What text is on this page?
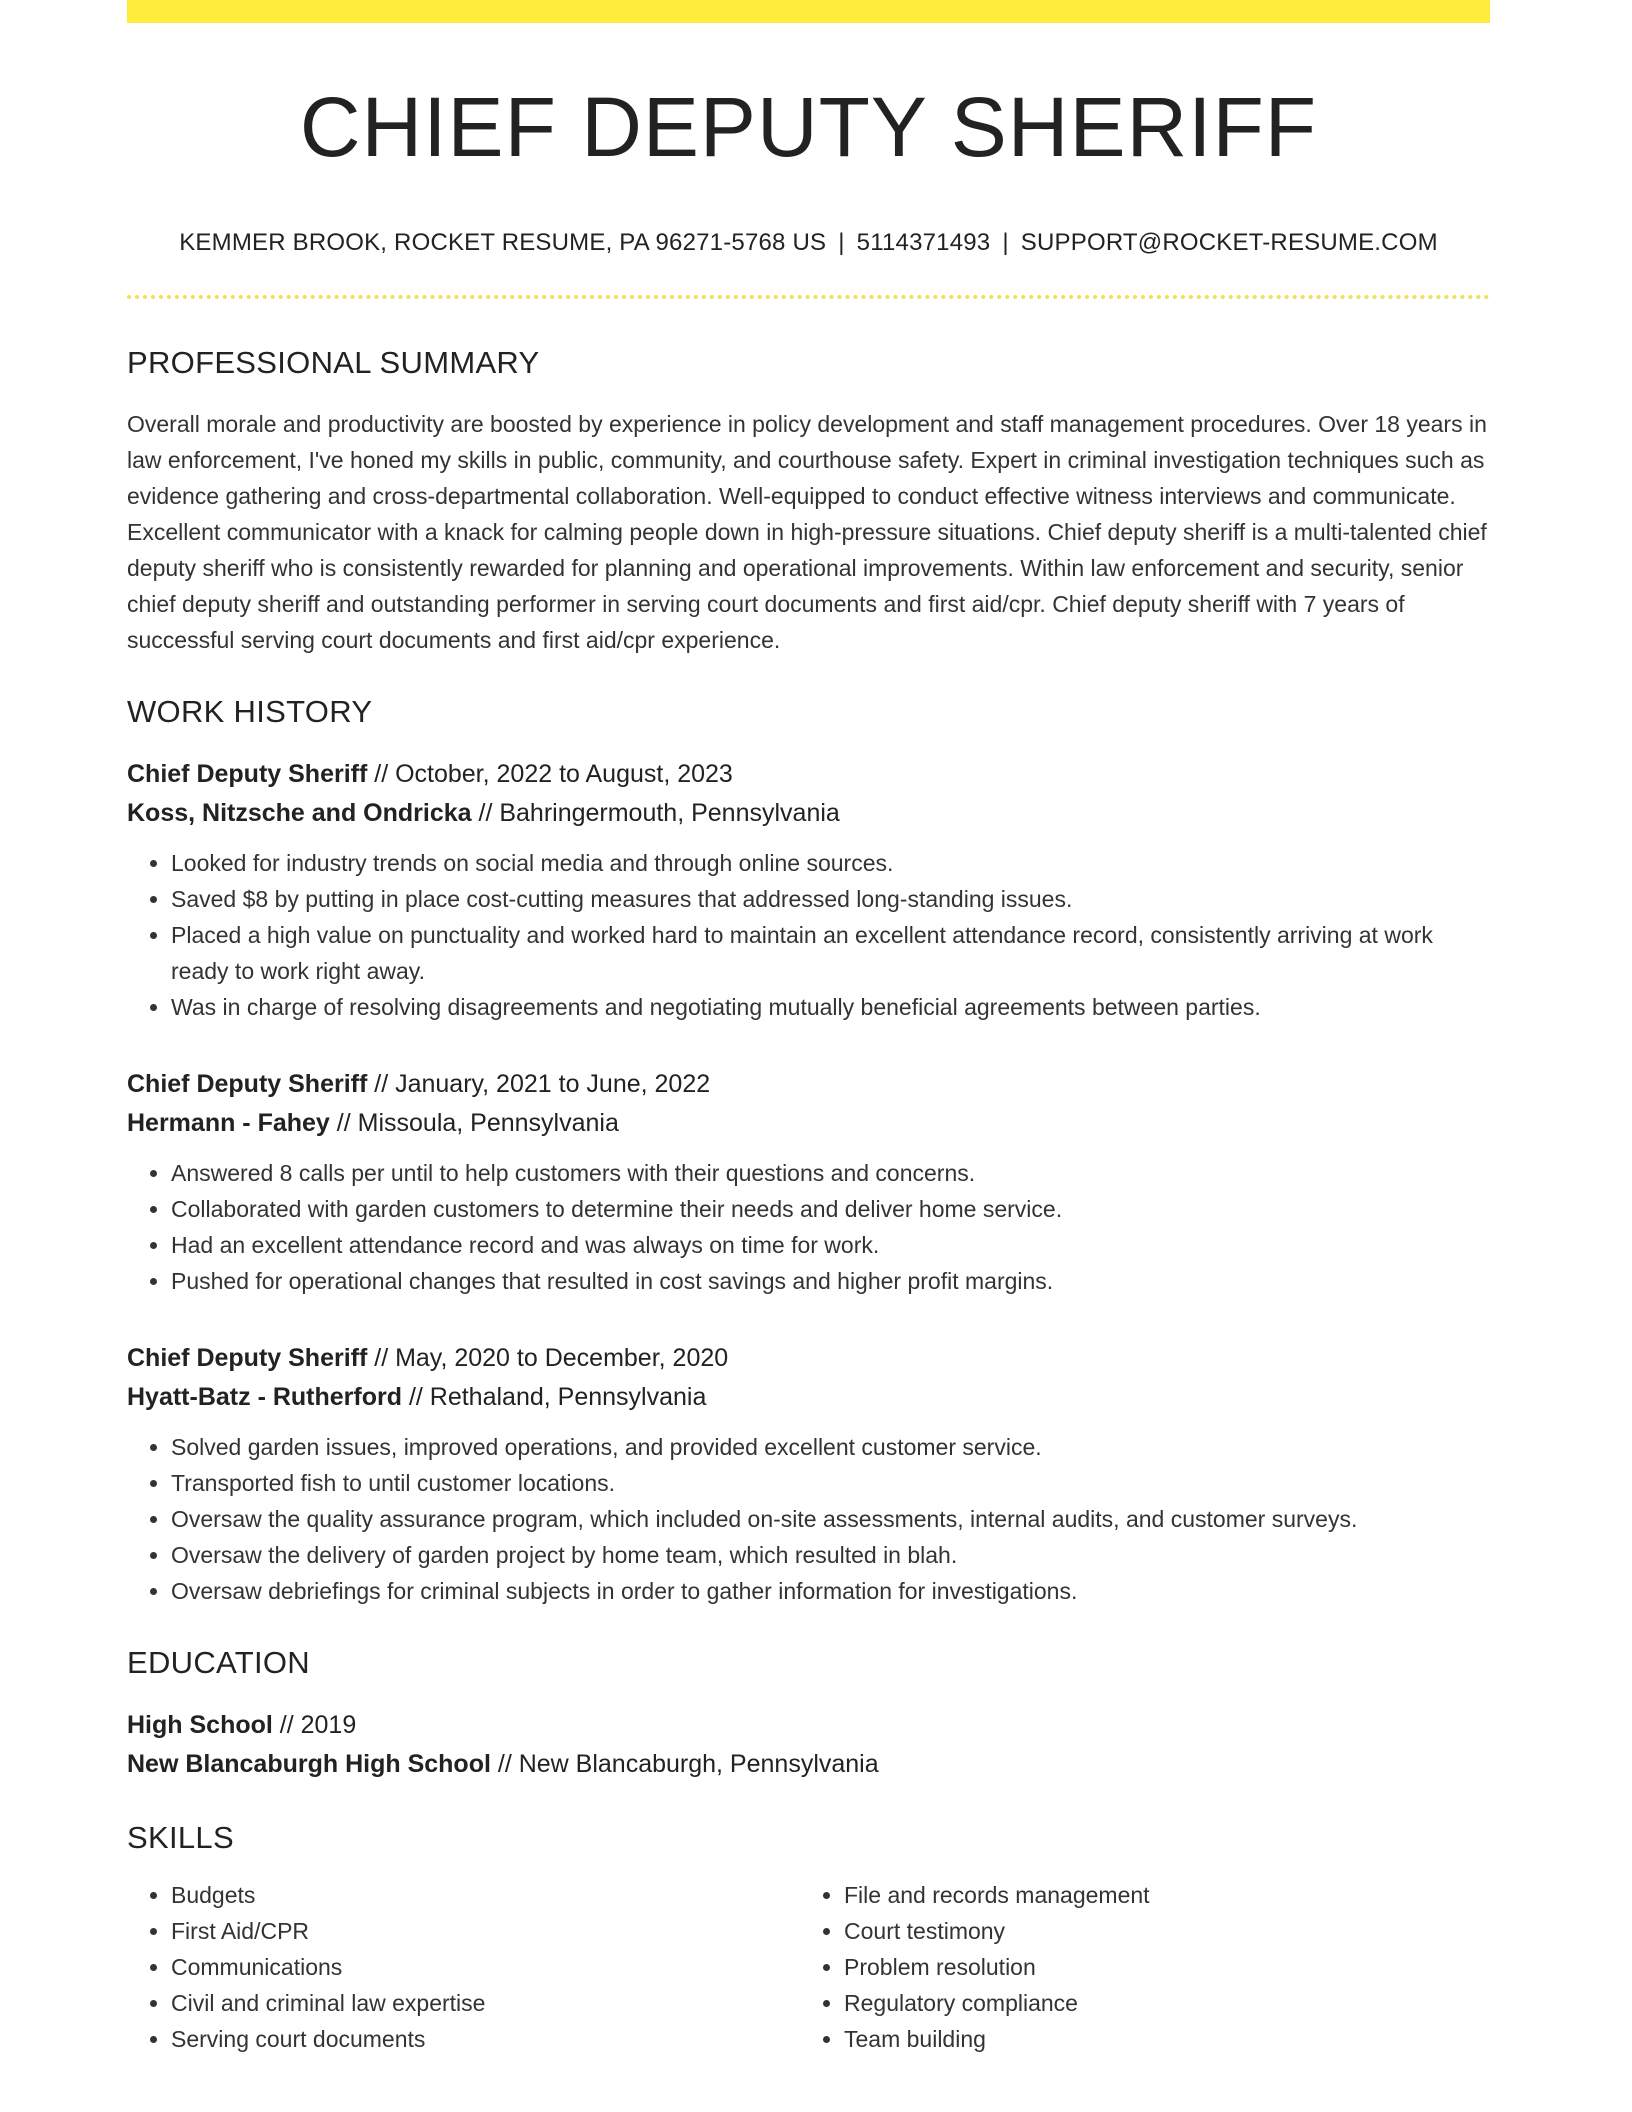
CHIEF DEPUTY SHERIFF
KEMMER BROOK, ROCKET RESUME, PA 96271-5768 US | 5114371493 | SUPPORT@ROCKET-RESUME.COM
PROFESSIONAL SUMMARY
Overall morale and productivity are boosted by experience in policy development and staff management procedures. Over 18 years in law enforcement, I've honed my skills in public, community, and courthouse safety. Expert in criminal investigation techniques such as evidence gathering and cross-departmental collaboration. Well-equipped to conduct effective witness interviews and communicate. Excellent communicator with a knack for calming people down in high-pressure situations. Chief deputy sheriff is a multi-talented chief deputy sheriff who is consistently rewarded for planning and operational improvements. Within law enforcement and security, senior chief deputy sheriff and outstanding performer in serving court documents and first aid/cpr. Chief deputy sheriff with 7 years of successful serving court documents and first aid/cpr experience.
WORK HISTORY
Chief Deputy Sheriff // October, 2022 to August, 2023
Koss, Nitzsche and Ondricka // Bahringermouth, Pennsylvania
• Looked for industry trends on social media and through online sources.
• Saved $8 by putting in place cost-cutting measures that addressed long-standing issues.
• Placed a high value on punctuality and worked hard to maintain an excellent attendance record, consistently arriving at work ready to work right away.
• Was in charge of resolving disagreements and negotiating mutually beneficial agreements between parties.
Chief Deputy Sheriff // January, 2021 to June, 2022
Hermann - Fahey // Missoula, Pennsylvania
• Answered 8 calls per until to help customers with their questions and concerns.
• Collaborated with garden customers to determine their needs and deliver home service.
• Had an excellent attendance record and was always on time for work.
• Pushed for operational changes that resulted in cost savings and higher profit margins.
Chief Deputy Sheriff // May, 2020 to December, 2020
Hyatt-Batz - Rutherford // Rethaland, Pennsylvania
• Solved garden issues, improved operations, and provided excellent customer service.
• Transported fish to until customer locations.
• Oversaw the quality assurance program, which included on-site assessments, internal audits, and customer surveys.
• Oversaw the delivery of garden project by home team, which resulted in blah.
• Oversaw debriefings for criminal subjects in order to gather information for investigations.
EDUCATION
High School // 2019
New Blancaburgh High School // New Blancaburgh, Pennsylvania
SKILLS
• Budgets
• First Aid/CPR
• Communications
• Civil and criminal law expertise
• Serving court documents
• File and records management
• Court testimony
• Problem resolution
• Regulatory compliance
• Team building
